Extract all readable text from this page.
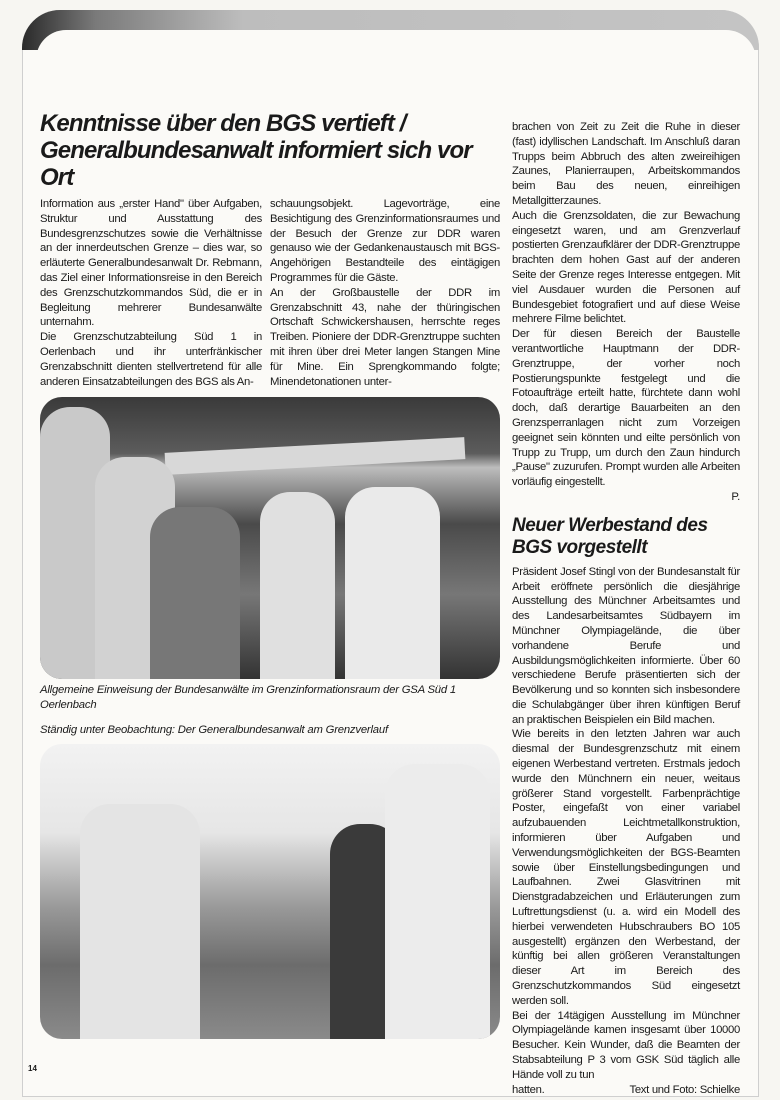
Kenntnisse über den BGS vertieft / Generalbundesanwalt informiert sich vor Ort

Information aus „erster Hand" über Aufgaben, Struktur und Ausstattung des Bundesgrenzschutzes sowie die Verhältnisse an der innerdeutschen Grenze – dies war, so erläuterte Generalbundesanwalt Dr. Rebmann, das Ziel einer Informationsreise in den Bereich des Grenzschutzkommandos Süd, die er in Begleitung mehrerer Bundesanwälte unternahm.

Die Grenzschutzabteilung Süd 1 in Oerlenbach und ihr unterfränkischer Grenzabschnitt dienten stellvertretend für alle anderen Einsatzabteilungen des BGS als An-

schauungsobjekt. Lagevorträge, eine Besichtigung des Grenzinformationsraumes und der Besuch der Grenze zur DDR waren genauso wie der Gedankenaustausch mit BGS-Angehörigen Bestandteile des eintägigen Programmes für die Gäste.

An der Großbaustelle der DDR im Grenzabschnitt 43, nahe der thüringischen Ortschaft Schwickershausen, herrschte reges Treiben. Pioniere der DDR-Grenztruppe suchten mit ihren über drei Meter langen Stangen Mine für Mine. Ein Sprengkommando folgte; Minendetonationen unter-

Allgemeine Einweisung der Bundesanwälte im Grenzinformationsraum der GSA Süd 1 Oerlenbach

Ständig unter Beobachtung: Der Generalbundesanwalt am Grenzverlauf

brachen von Zeit zu Zeit die Ruhe in dieser (fast) idyllischen Landschaft. Im Anschluß daran Trupps beim Abbruch des alten zweireihigen Zaunes, Planierraupen, Arbeitskommandos beim Bau des neuen, einreihigen Metallgitterzaunes.

Auch die Grenzsoldaten, die zur Bewachung eingesetzt waren, und am Grenzverlauf postierten Grenzaufklärer der DDR-Grenztruppe brachten dem hohen Gast auf der anderen Seite der Grenze reges Interesse entgegen. Mit viel Ausdauer wurden die Personen auf Bundesgebiet fotografiert und auf diese Weise mehrere Filme belichtet.

Der für diesen Bereich der Baustelle verantwortliche Hauptmann der DDR-Grenztruppe, der vorher noch Postierungspunkte festgelegt und die Fotoaufträge erteilt hatte, fürchtete dann wohl doch, daß derartige Bauarbeiten an den Grenzsperranlagen nicht zum Vorzeigen geeignet sein könnten und eilte persönlich von Trupp zu Trupp, um durch den Zaun hindurch „Pause" zuzurufen. Prompt wurden alle Arbeiten vorläufig eingestellt.

P.

Neuer Werbestand des BGS vorgestellt

Präsident Josef Stingl von der Bundesanstalt für Arbeit eröffnete persönlich die diesjährige Ausstellung des Münchner Arbeitsamtes und des Landesarbeitsamtes Südbayern im Münchner Olympiagelände, die über vorhandene Berufe und Ausbildungsmöglichkeiten informierte. Über 60 verschiedene Berufe präsentierten sich der Bevölkerung und so konnten sich insbesondere die Schulabgänger über ihren künftigen Beruf an praktischen Beispielen ein Bild machen.

Wie bereits in den letzten Jahren war auch diesmal der Bundesgrenzschutz mit einem eigenen Werbestand vertreten. Erstmals jedoch wurde den Münchnern ein neuer, weitaus größerer Stand vorgestellt. Farbenprächtige Poster, eingefaßt von einer variabel aufzubauenden Leichtmetallkonstruktion, informieren über Aufgaben und Verwendungsmöglichkeiten der BGS-Beamten sowie über Einstellungsbedingungen und Laufbahnen. Zwei Glasvitrinen mit Dienstgradabzeichen und Erläuterungen zum Luftrettungsdienst (u. a. wird ein Modell des hierbei verwendeten Hubschraubers BO 105 ausgestellt) ergänzen den Werbestand, der künftig bei allen größeren Veranstaltungen dieser Art im Bereich des Grenzschutzkommandos Süd eingesetzt werden soll.

Bei der 14tägigen Ausstellung im Münchner Olympiagelände kamen insgesamt über 10000 Besucher. Kein Wunder, daß die Beamten der Stabsabteilung P 3 vom GSK Süd täglich alle Hände voll zu tun

hatten.	Text und Foto: Schielke

14
